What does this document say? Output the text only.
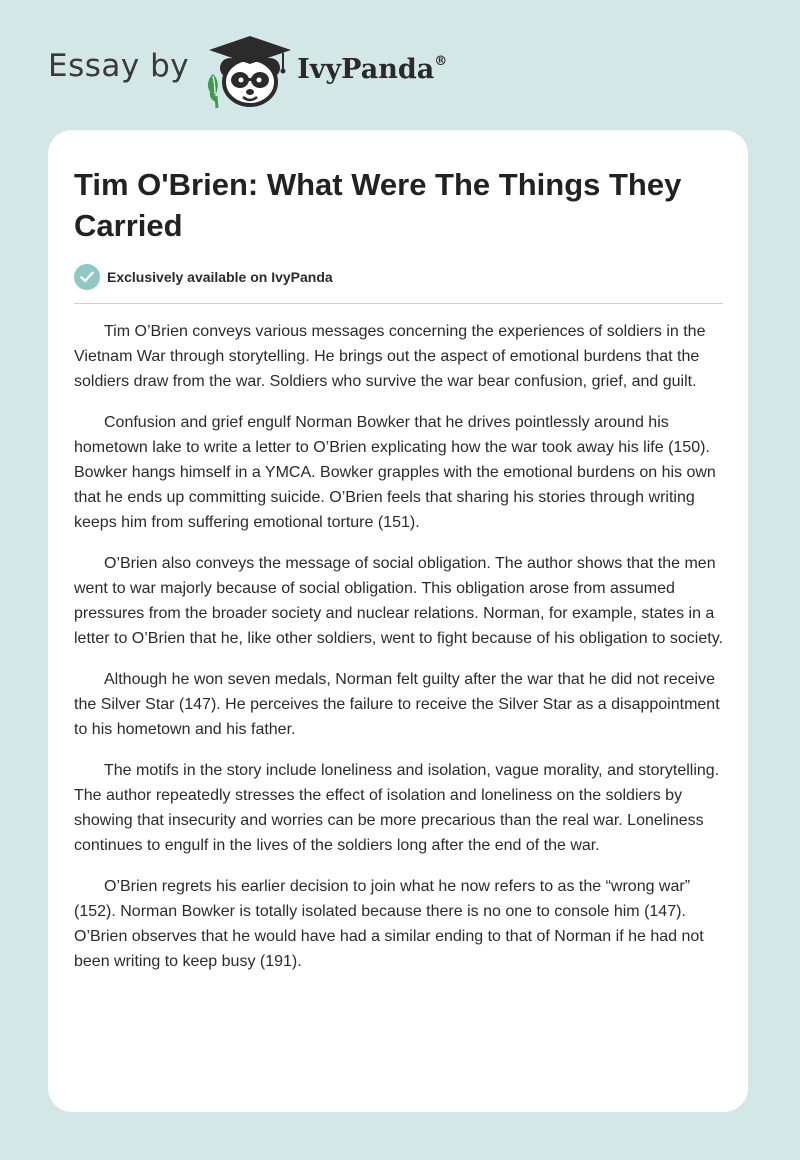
Essay by	IvyPanda®
Tim O'Brien: What Were The Things They Carried
Exclusively available on IvyPanda

Tim O’Brien conveys various messages concerning the experiences of soldiers in the Vietnam War through storytelling. He brings out the aspect of emotional burdens that the soldiers draw from the war. Soldiers who survive the war bear confusion, grief, and guilt.

Confusion and grief engulf Norman Bowker that he drives pointlessly around his hometown lake to write a letter to O’Brien explicating how the war took away his life (150). Bowker hangs himself in a YMCA. Bowker grapples with the emotional burdens on his own that he ends up committing suicide. O’Brien feels that sharing his stories through writing keeps him from suffering emotional torture (151).

O’Brien also conveys the message of social obligation. The author shows that the men went to war majorly because of social obligation. This obligation arose from assumed pressures from the broader society and nuclear relations. Norman, for example, states in a letter to O’Brien that he, like other soldiers, went to fight because of his obligation to society.

Although he won seven medals, Norman felt guilty after the war that he did not receive the Silver Star (147). He perceives the failure to receive the Silver Star as a disappointment to his hometown and his father.

The motifs in the story include loneliness and isolation, vague morality, and storytelling. The author repeatedly stresses the effect of isolation and loneliness on the soldiers by showing that insecurity and worries can be more precarious than the real war. Loneliness continues to engulf in the lives of the soldiers long after the end of the war.

O’Brien regrets his earlier decision to join what he now refers to as the “wrong war” (152). Norman Bowker is totally isolated because there is no one to console him (147). O’Brien observes that he would have had a similar ending to that of Norman if he had not been writing to keep busy (191).
